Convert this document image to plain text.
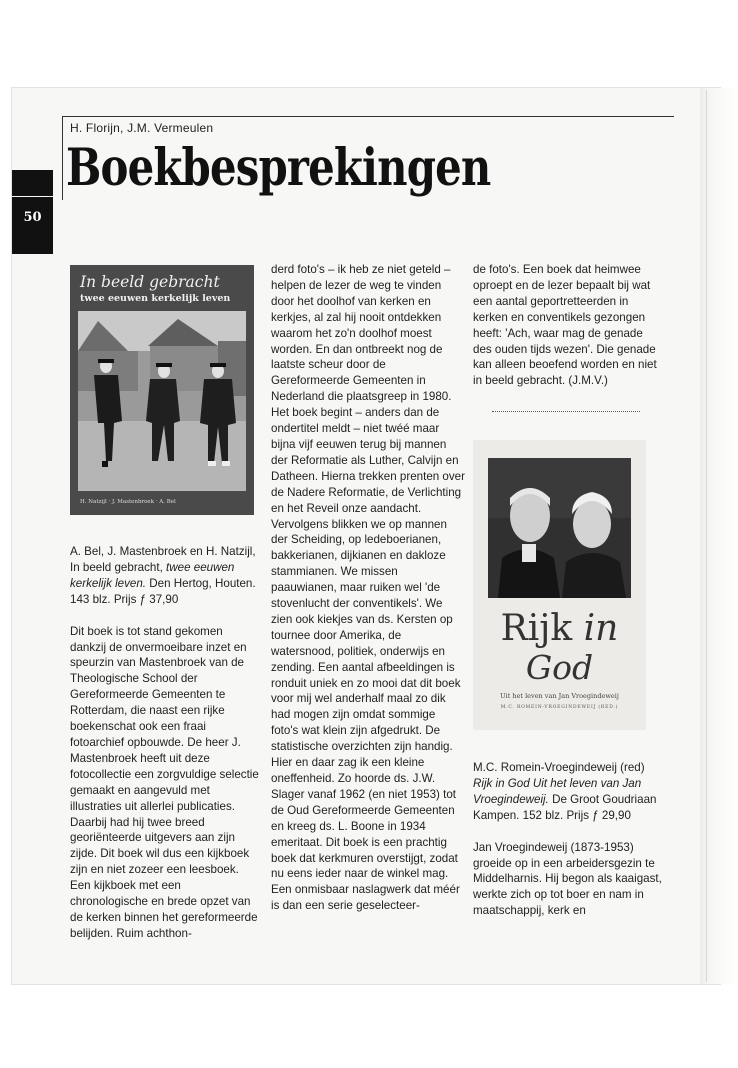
H. Florijn, J.M. Vermeulen
Boekbesprekingen
50
In beeld gebracht
twee eeuwen kerkelijk leven
H. Natzijl · J. Mastenbroek · A. Bel

A. Bel, J. Mastenbroek en H. Natzijl, In beeld gebracht, twee eeuwen kerkelijk leven. Den Hertog, Houten. 143 blz. Prijs ƒ 37,90

Dit boek is tot stand gekomen dankzij de onvermoeibare inzet en speurzin van Mastenbroek van de Theologische School der Gereformeerde Gemeenten te Rotterdam, die naast een rijke boekenschat ook een fraai fotoarchief opbouwde. De heer J. Mastenbroek heeft uit deze fotocollectie een zorgvuldige selectie gemaakt en aangevuld met illustraties uit allerlei publicaties. Daarbij had hij twee breed georiënteerde uitgevers aan zijn zijde. Dit boek wil dus een kijkboek zijn en niet zozeer een leesboek. Een kijkboek met een chronologische en brede opzet van de kerken binnen het gereformeerde belijden. Ruim achthon-

derd foto's – ik heb ze niet geteld – helpen de lezer de weg te vinden door het doolhof van kerken en kerkjes, al zal hij nooit ontdekken waarom het zo'n doolhof moest worden. En dan ontbreekt nog de laatste scheur door de Gereformeerde Gemeenten in Nederland die plaatsgreep in 1980. Het boek begint – anders dan de ondertitel meldt – niet twéé maar bijna vijf eeuwen terug bij mannen der Reformatie als Luther, Calvijn en Datheen. Hierna trekken prenten over de Nadere Reformatie, de Verlichting en het Reveil onze aandacht. Vervolgens blikken we op mannen der Scheiding, op ledeboerianen, bakkerianen, dijkianen en dakloze stammianen. We missen paauwianen, maar ruiken wel 'de stovenlucht der conventikels'. We zien ook kiekjes van ds. Kersten op tournee door Amerika, de watersnood, politiek, onderwijs en zending. Een aantal afbeeldingen is ronduit uniek en zo mooi dat dit boek voor mij wel anderhalf maal zo dik had mogen zijn omdat sommige foto's wat klein zijn afgedrukt. De statistische overzichten zijn handig. Hier en daar zag ik een kleine oneffenheid. Zo hoorde ds. J.W. Slager vanaf 1962 (en niet 1953) tot de Oud Gereformeerde Gemeenten en kreeg ds. L. Boone in 1934 emeritaat. Dit boek is een prachtig boek dat kerkmuren overstijgt, zodat nu eens ieder naar de winkel mag. Een onmisbaar naslagwerk dat méér is dan een serie geselecteer-

de foto's. Een boek dat heimwee oproept en de lezer bepaalt bij wat een aantal geportretteerden in kerken en conventikels gezongen heeft: 'Ach, waar mag de genade des ouden tijds wezen'. Die genade kan alleen beoefend worden en niet in beeld gebracht. (J.M.V.)

Rijk in
God
Uit het leven van Jan Vroegindeweij
M.C. ROMEIN-VROEGINDEWEIJ (RED.)

M.C. Romein-Vroegindeweij (red) Rijk in God Uit het leven van Jan Vroegindeweij. De Groot Goudriaan Kampen. 152 blz. Prijs ƒ 29,90

Jan Vroegindeweij (1873-1953) groeide op in een arbeidersgezin te Middelharnis. Hij begon als kaaigast, werkte zich op tot boer en nam in maatschappij, kerk en
